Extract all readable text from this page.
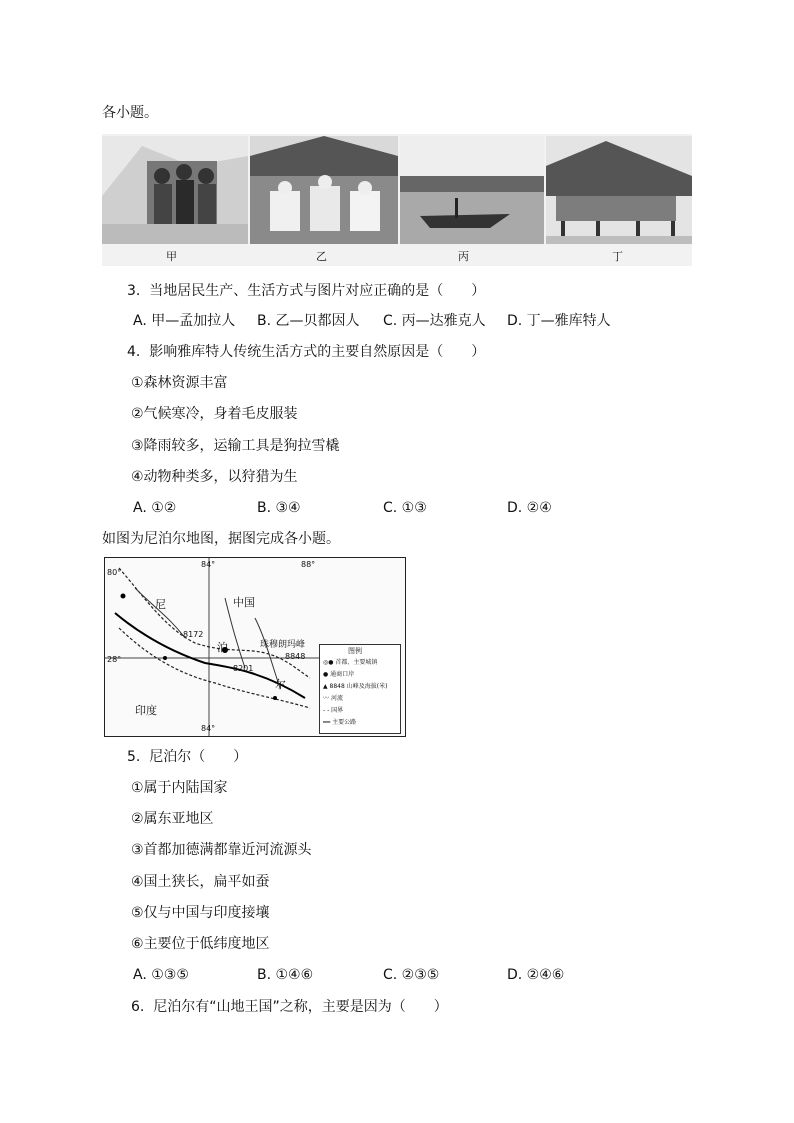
各小题。
甲	乙	丙	丁
3.  当地居民生产、生活方式与图片对应正确的是（　　）
A. 甲—孟加拉人 B. 乙—贝都因人 C. 丙—达雅克人 D. 丁—雅库特人
4.  影响雅库特人传统生活方式的主要自然原因是（　　）
①森林资源丰富
②气候寒冷，身着毛皮服装
③降雨较多，运输工具是狗拉雪橇
④动物种类多，以狩猎为生
A. ①②	B. ③④	C. ①③	D. ②④
如图为尼泊尔地图，据图完成各小题。
80°
84°	88°
28°
84°
中国
尼
泊
尔
印度
珠穆朗玛峰
8172
8848
8201
图例
◎● 首都、主要城镇
● 通商口岸
▲ 8848 山峰及海拔(米)
〰 河流
- - 国界
━━ 主要公路
5.  尼泊尔（　　）
①属于内陆国家
②属东亚地区
③首都加德满都靠近河流源头
④国土狭长，扁平如蚕
⑤仅与中国与印度接壤
⑥主要位于低纬度地区
A. ①③⑤	B. ①④⑥	C. ②③⑤	D. ②④⑥
6.  尼泊尔有“山地王国”之称，主要是因为（　　）
